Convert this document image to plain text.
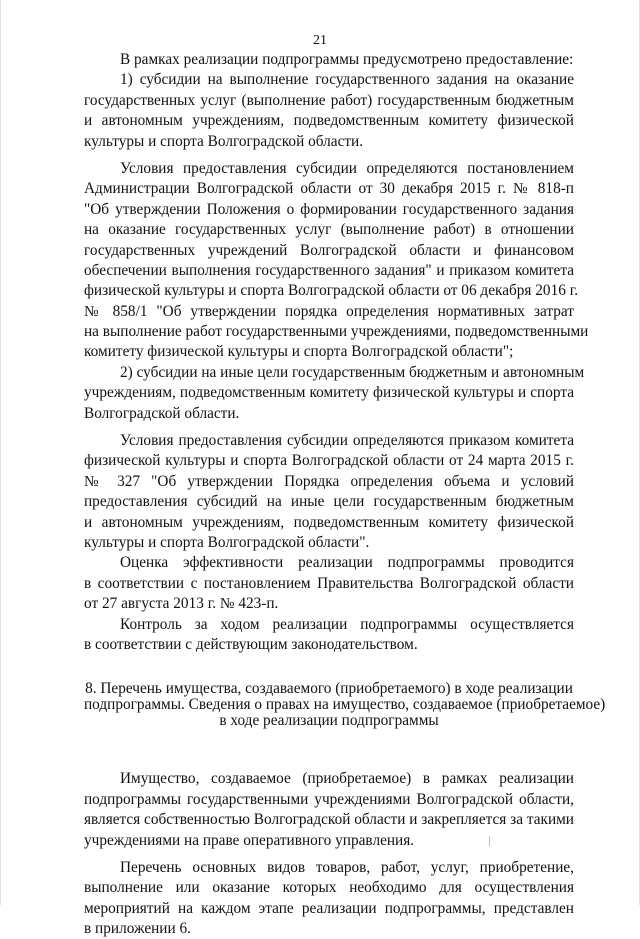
21
В рамках реализации подпрограммы предусмотрено предоставление:
1) субсидии на выполнение государственного задания на оказание
государственных услуг (выполнение работ) государственным бюджетным
и автономным учреждениям, подведомственным комитету физической
культуры и спорта Волгоградской области.
Условия предоставления субсидии определяются постановлением
Администрации Волгоградской области от 30 декабря 2015 г. № 818-п
"Об утверждении Положения о формировании государственного задания
на оказание государственных услуг (выполнение работ) в отношении
государственных учреждений Волгоградской области и финансовом
обеспечении выполнения государственного задания" и приказом комитета
физической культуры и спорта Волгоградской области от 06 декабря 2016 г.
№ 858/1 "Об утверждении порядка определения нормативных затрат
на выполнение работ государственными учреждениями, подведомственными
комитету физической культуры и спорта Волгоградской области";
2) субсидии на иные цели государственным бюджетным и автономным
учреждениям, подведомственным комитету физической культуры и спорта
Волгоградской области.
Условия предоставления субсидии определяются приказом комитета
физической культуры и спорта Волгоградской области от 24 марта 2015 г.
№ 327 "Об утверждении Порядка определения объема и условий
предоставления субсидий на иные цели государственным бюджетным
и автономным учреждениям, подведомственным комитету физической
культуры и спорта Волгоградской области".
Оценка эффективности реализации подпрограммы проводится
в соответствии с постановлением Правительства Волгоградской области
от 27 августа 2013 г. № 423-п.
Контроль за ходом реализации подпрограммы осуществляется
в соответствии с действующим законодательством.
8. Перечень имущества, создаваемого (приобретаемого) в ходе реализации
подпрограммы. Сведения о правах на имущество, создаваемое (приобретаемое)
в ходе реализации подпрограммы
Имущество, создаваемое (приобретаемое) в рамках реализации
подпрограммы государственными учреждениями Волгоградской области,
является собственностью Волгоградской области и закрепляется за такими
учреждениями на праве оперативного управления.
Перечень основных видов товаров, работ, услуг, приобретение,
выполнение или оказание которых необходимо для осуществления
мероприятий на каждом этапе реализации подпрограммы, представлен
в приложении 6.
